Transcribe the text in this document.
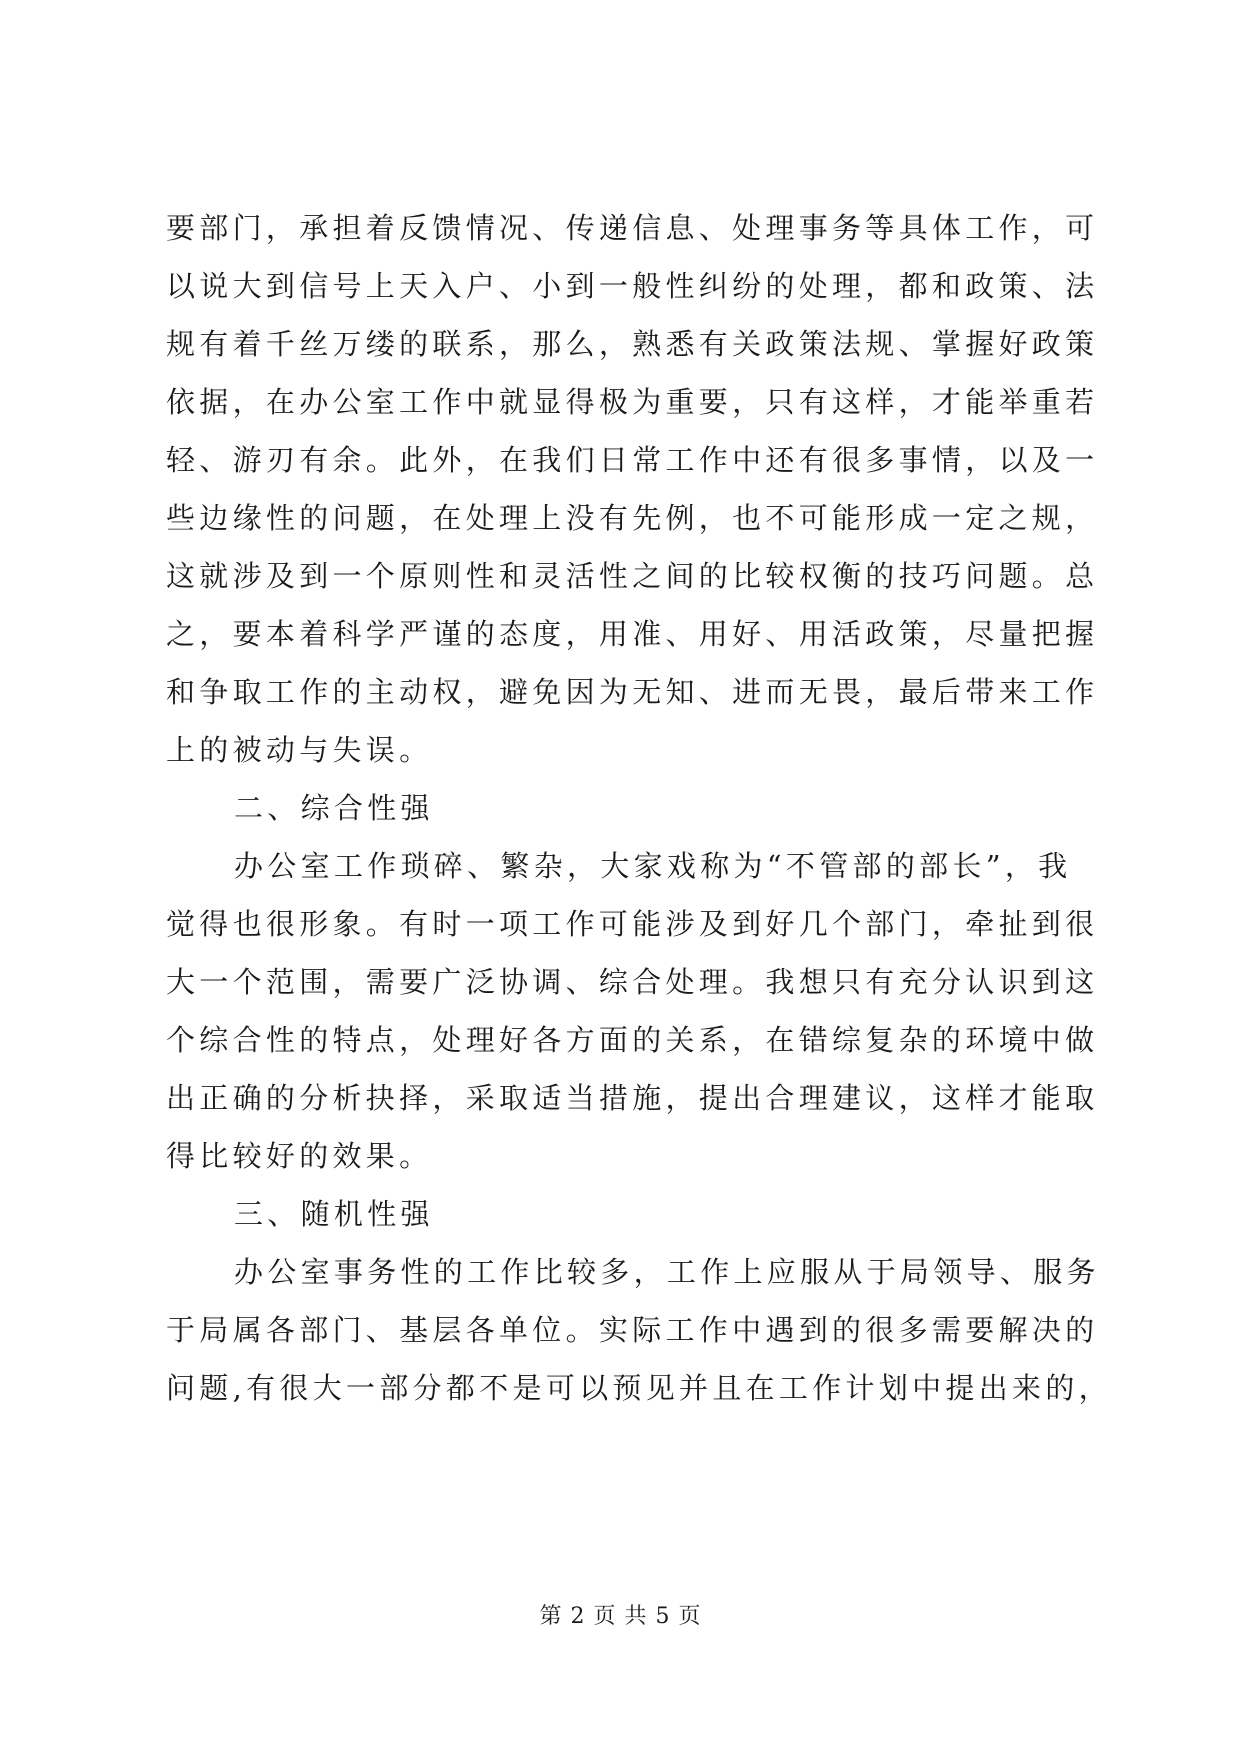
要部门，承担着反馈情况、传递信息、处理事务等具体工作，可
以说大到信号上天入户、小到一般性纠纷的处理，都和政策、法
规有着千丝万缕的联系，那么，熟悉有关政策法规、掌握好政策
依据，在办公室工作中就显得极为重要，只有这样，才能举重若
轻、游刃有余。此外，在我们日常工作中还有很多事情，以及一
些边缘性的问题，在处理上没有先例，也不可能形成一定之规，
这就涉及到一个原则性和灵活性之间的比较权衡的技巧问题。总
之，要本着科学严谨的态度，用准、用好、用活政策，尽量把握
和争取工作的主动权，避免因为无知、进而无畏，最后带来工作
上的被动与失误。
二、综合性强
办公室工作琐碎、繁杂，大家戏称为“不管部的部长”，我
觉得也很形象。有时一项工作可能涉及到好几个部门，牵扯到很
大一个范围，需要广泛协调、综合处理。我想只有充分认识到这
个综合性的特点，处理好各方面的关系，在错综复杂的环境中做
出正确的分析抉择，采取适当措施，提出合理建议，这样才能取
得比较好的效果。
三、随机性强
办公室事务性的工作比较多，工作上应服从于局领导、服务
于局属各部门、基层各单位。实际工作中遇到的很多需要解决的
问题,有很大一部分都不是可以预见并且在工作计划中提出来的，
第 2 页 共 5 页
